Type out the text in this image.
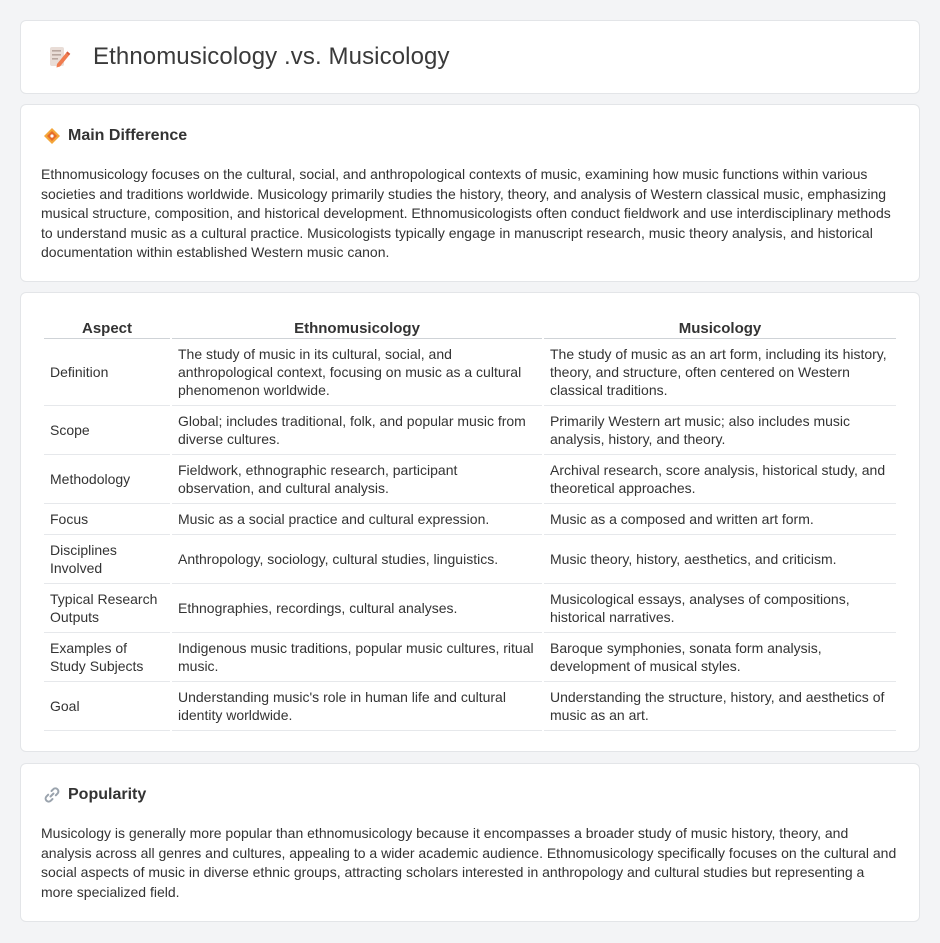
Ethnomusicology .vs. Musicology
Main Difference

Ethnomusicology focuses on the cultural, social, and anthropological contexts of music, examining how music functions within various societies and traditions worldwide. Musicology primarily studies the history, theory, and analysis of Western classical music, emphasizing musical structure, composition, and historical development. Ethnomusicologists often conduct fieldwork and use interdisciplinary methods to understand music as a cultural practice. Musicologists typically engage in manuscript research, music theory analysis, and historical documentation within established Western music canon.

Aspect	Ethnomusicology	Musicology
Definition	The study of music in its cultural, social, and anthropological context, focusing on music as a cultural phenomenon worldwide.	The study of music as an art form, including its history, theory, and structure, often centered on Western classical traditions.
Scope	Global; includes traditional, folk, and popular music from diverse cultures.	Primarily Western art music; also includes music analysis, history, and theory.
Methodology	Fieldwork, ethnographic research, participant observation, and cultural analysis.	Archival research, score analysis, historical study, and theoretical approaches.
Focus	Music as a social practice and cultural expression.	Music as a composed and written art form.
Disciplines Involved	Anthropology, sociology, cultural studies, linguistics.	Music theory, history, aesthetics, and criticism.
Typical Research Outputs	Ethnographies, recordings, cultural analyses.	Musicological essays, analyses of compositions, historical narratives.
Examples of Study Subjects	Indigenous music traditions, popular music cultures, ritual music.	Baroque symphonies, sonata form analysis, development of musical styles.
Goal	Understanding music's role in human life and cultural identity worldwide.	Understanding the structure, history, and aesthetics of music as an art.
Popularity

Musicology is generally more popular than ethnomusicology because it encompasses a broader study of music history, theory, and analysis across all genres and cultures, appealing to a wider academic audience. Ethnomusicology specifically focuses on the cultural and social aspects of music in diverse ethnic groups, attracting scholars interested in anthropology and cultural studies but representing a more specialized field.
